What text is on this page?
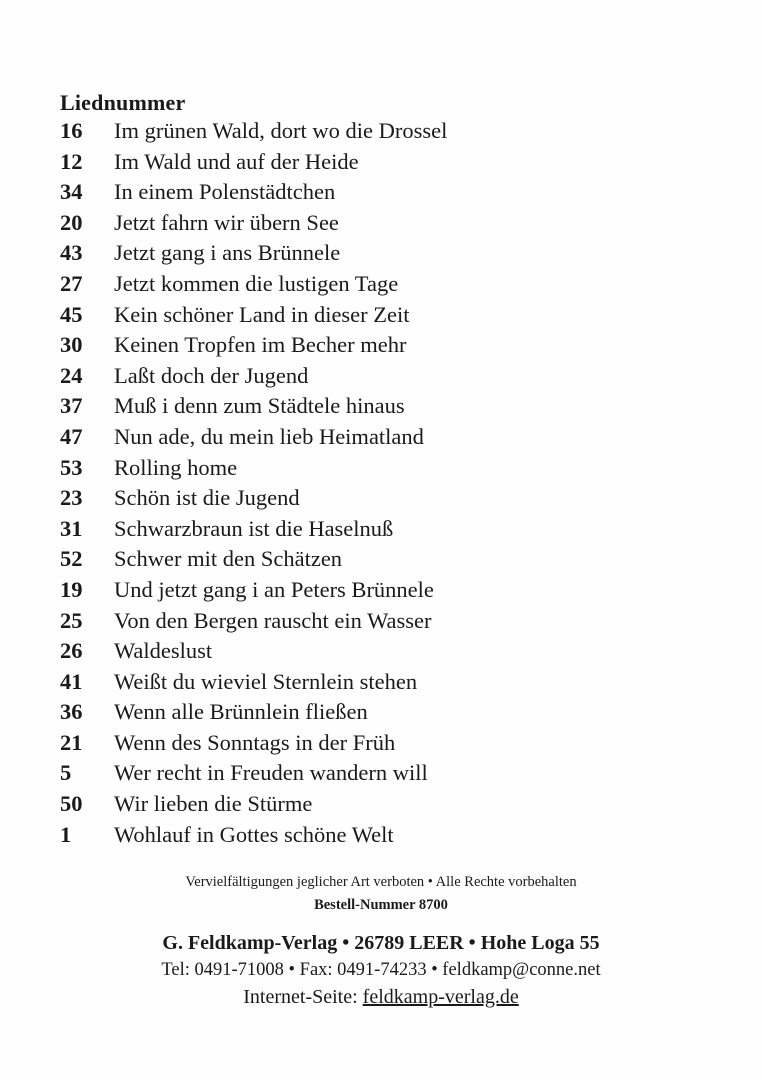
Liednummer
16	Im grünen Wald, dort wo die Drossel
12	Im Wald und auf der Heide
34	In einem Polenstädtchen
20	Jetzt fahrn wir übern See
43	Jetzt gang i ans Brünnele
27	Jetzt kommen die lustigen Tage
45	Kein schöner Land in dieser Zeit
30	Keinen Tropfen im Becher mehr
24	Laßt doch der Jugend
37	Muß i denn zum Städtele hinaus
47	Nun ade, du mein lieb Heimatland
53	Rolling home
23	Schön ist die Jugend
31	Schwarzbraun ist die Haselnuß
52	Schwer mit den Schätzen
19	Und jetzt gang i an Peters Brünnele
25	Von den Bergen rauscht ein Wasser
26	Waldeslust
41	Weißt du wieviel Sternlein stehen
36	Wenn alle Brünnlein fließen
21	Wenn des Sonntags in der Früh
5	Wer recht in Freuden wandern will
50	Wir lieben die Stürme
1	Wohlauf in Gottes schöne Welt
Vervielfältigungen jeglicher Art verboten • Alle Rechte vorbehalten
Bestell-Nummer 8700
G. Feldkamp-Verlag • 26789 LEER • Hohe Loga 55
Tel: 0491-71008 • Fax: 0491-74233 • feldkamp@conne.net
Internet-Seite: feldkamp-verlag.de
